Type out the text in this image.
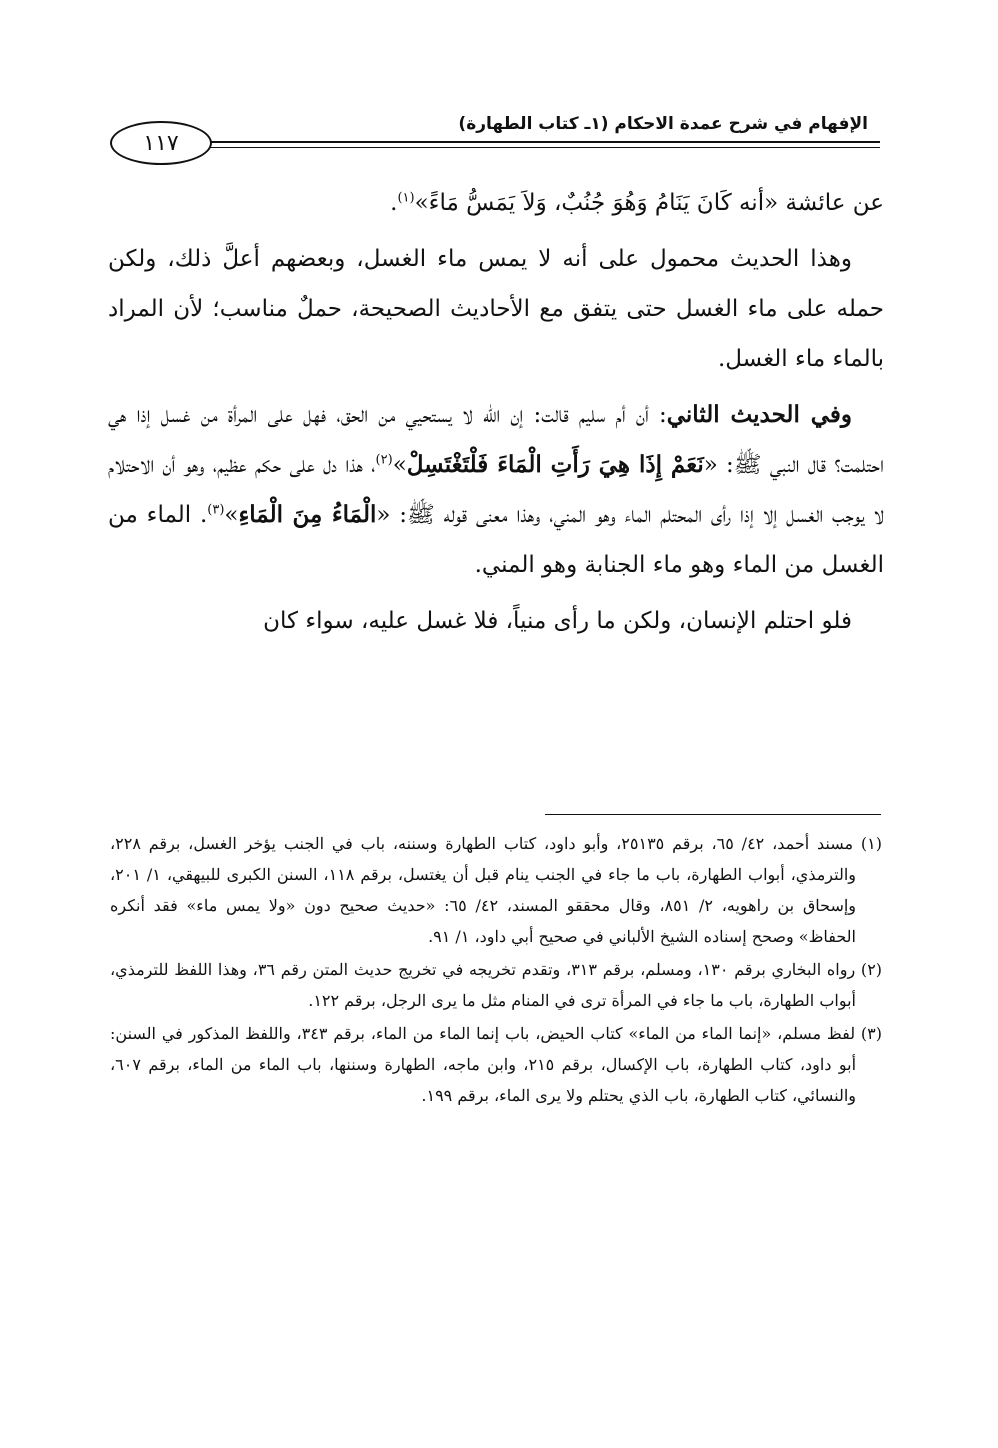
الإفهام في شرح عمدة الاحكام (١ـ كتاب الطهارة)
١١٧

عن عائشة «أنه كَانَ يَنَامُ وَهُوَ جُنُبٌ، وَلاَ يَمَسُّ مَاءً»$^{(١)}$.

وهذا الحديث محمول على أنه لا يمس ماء الغسل، وبعضهم أعلَّ ذلك، ولكن حمله على ماء الغسل حتى يتفق مع الأحاديث الصحيحة، حملٌ مناسب؛ لأن المراد بالماء ماء الغسل.

وفي الحديث الثاني: أن أم سليم قالت: إن الله لا يستحيي من الحق، فهل على المرأة من غسل إذا هي احتلمت؟ قال النبي ﷺ: «نَعَمْ إِذَا هِيَ رَأَتِ الْمَاءَ فَلْتَغْتَسِلْ»$^{(٢)}$، هذا دل على حكم عظيم، وهو أن الاحتلام لا يوجب الغسل إلا إذا رأى المحتلم الماء وهو المني، وهذا معنى قوله ﷺ: «الْمَاءُ مِنَ الْمَاءِ»$^{(٣)}$. الماء من الغسل من الماء وهو ماء الجنابة وهو المني.

فلو احتلم الإنسان، ولكن ما رأى منياً، فلا غسل عليه، سواء كان

(١) مسند أحمد، ٤٢/ ٦٥، برقم ٢٥١٣٥، وأبو داود، كتاب الطهارة وسننه، باب في الجنب يؤخر الغسل، برقم ٢٢٨، والترمذي، أبواب الطهارة، باب ما جاء في الجنب ينام قبل أن يغتسل، برقم ١١٨، السنن الكبرى للبيهقي، ١/ ٢٠١، وإسحاق بن راهويه، ٢/ ٨٥١، وقال محققو المسند، ٤٢/ ٦٥: «حديث صحيح دون «ولا يمس ماء» فقد أنكره الحفاظ» وصحح إسناده الشيخ الألباني في صحيح أبي داود، ١/ ٩١.

(٢) رواه البخاري برقم ١٣٠، ومسلم، برقم ٣١٣، وتقدم تخريجه في تخريج حديث المتن رقم ٣٦، وهذا اللفظ للترمذي، أبواب الطهارة، باب ما جاء في المرأة ترى في المنام مثل ما يرى الرجل، برقم ١٢٢.

(٣) لفظ مسلم، «إنما الماء من الماء» كتاب الحيض، باب إنما الماء من الماء، برقم ٣٤٣، واللفظ المذكور في السنن: أبو داود، كتاب الطهارة، باب الإكسال، برقم ٢١٥، وابن ماجه، الطهارة وسننها، باب الماء من الماء، برقم ٦٠٧، والنسائي، كتاب الطهارة، باب الذي يحتلم ولا يرى الماء، برقم ١٩٩.
